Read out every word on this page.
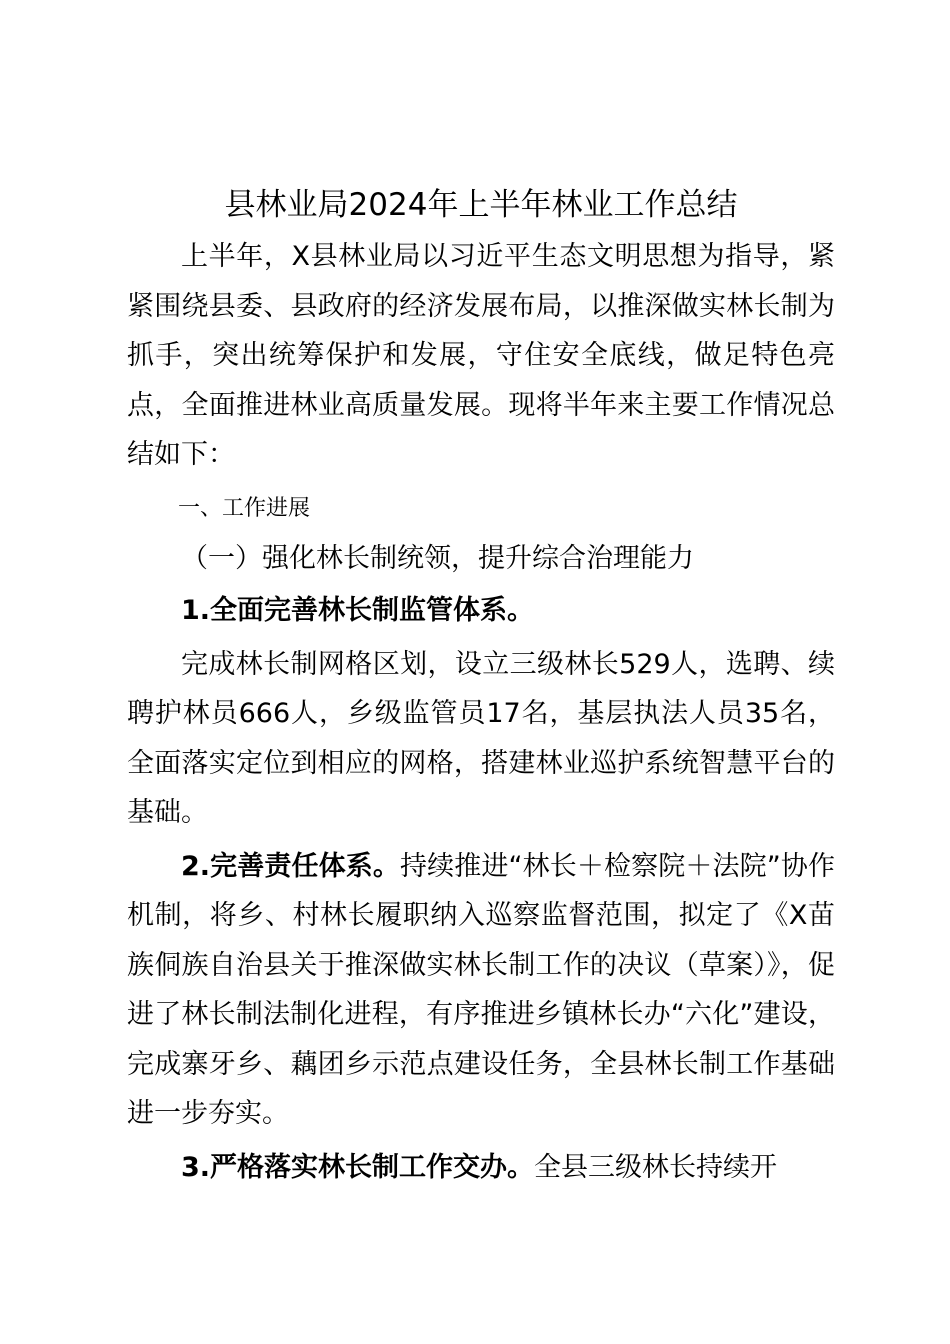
县林业局2024年上半年林业工作总结

上半年，X县林业局以习近平生态文明思想为指导，紧紧围绕县委、县政府的经济发展布局，以推深做实林长制为抓手，突出统筹保护和发展，守住安全底线，做足特色亮点，全面推进林业高质量发展。现将半年来主要工作情况总结如下：

一、工作进展
（一）强化林长制统领，提升综合治理能力
1.全面完善林长制监管体系。

完成林长制网格区划，设立三级林长529人，选聘、续聘护林员666人，乡级监管员17名，基层执法人员35名，全面落实定位到相应的网格，搭建林业巡护系统智慧平台的基础。

2.完善责任体系。持续推进“林长＋检察院＋法院”协作机制，将乡、村林长履职纳入巡察监督范围，拟定了《X苗族侗族自治县关于推深做实林长制工作的决议（草案）》，促进了林长制法制化进程，有序推进乡镇林长办“六化”建设，完成寨牙乡、藕团乡示范点建设任务，全县林长制工作基础进一步夯实。

3.严格落实林长制工作交办。全县三级林长持续开
